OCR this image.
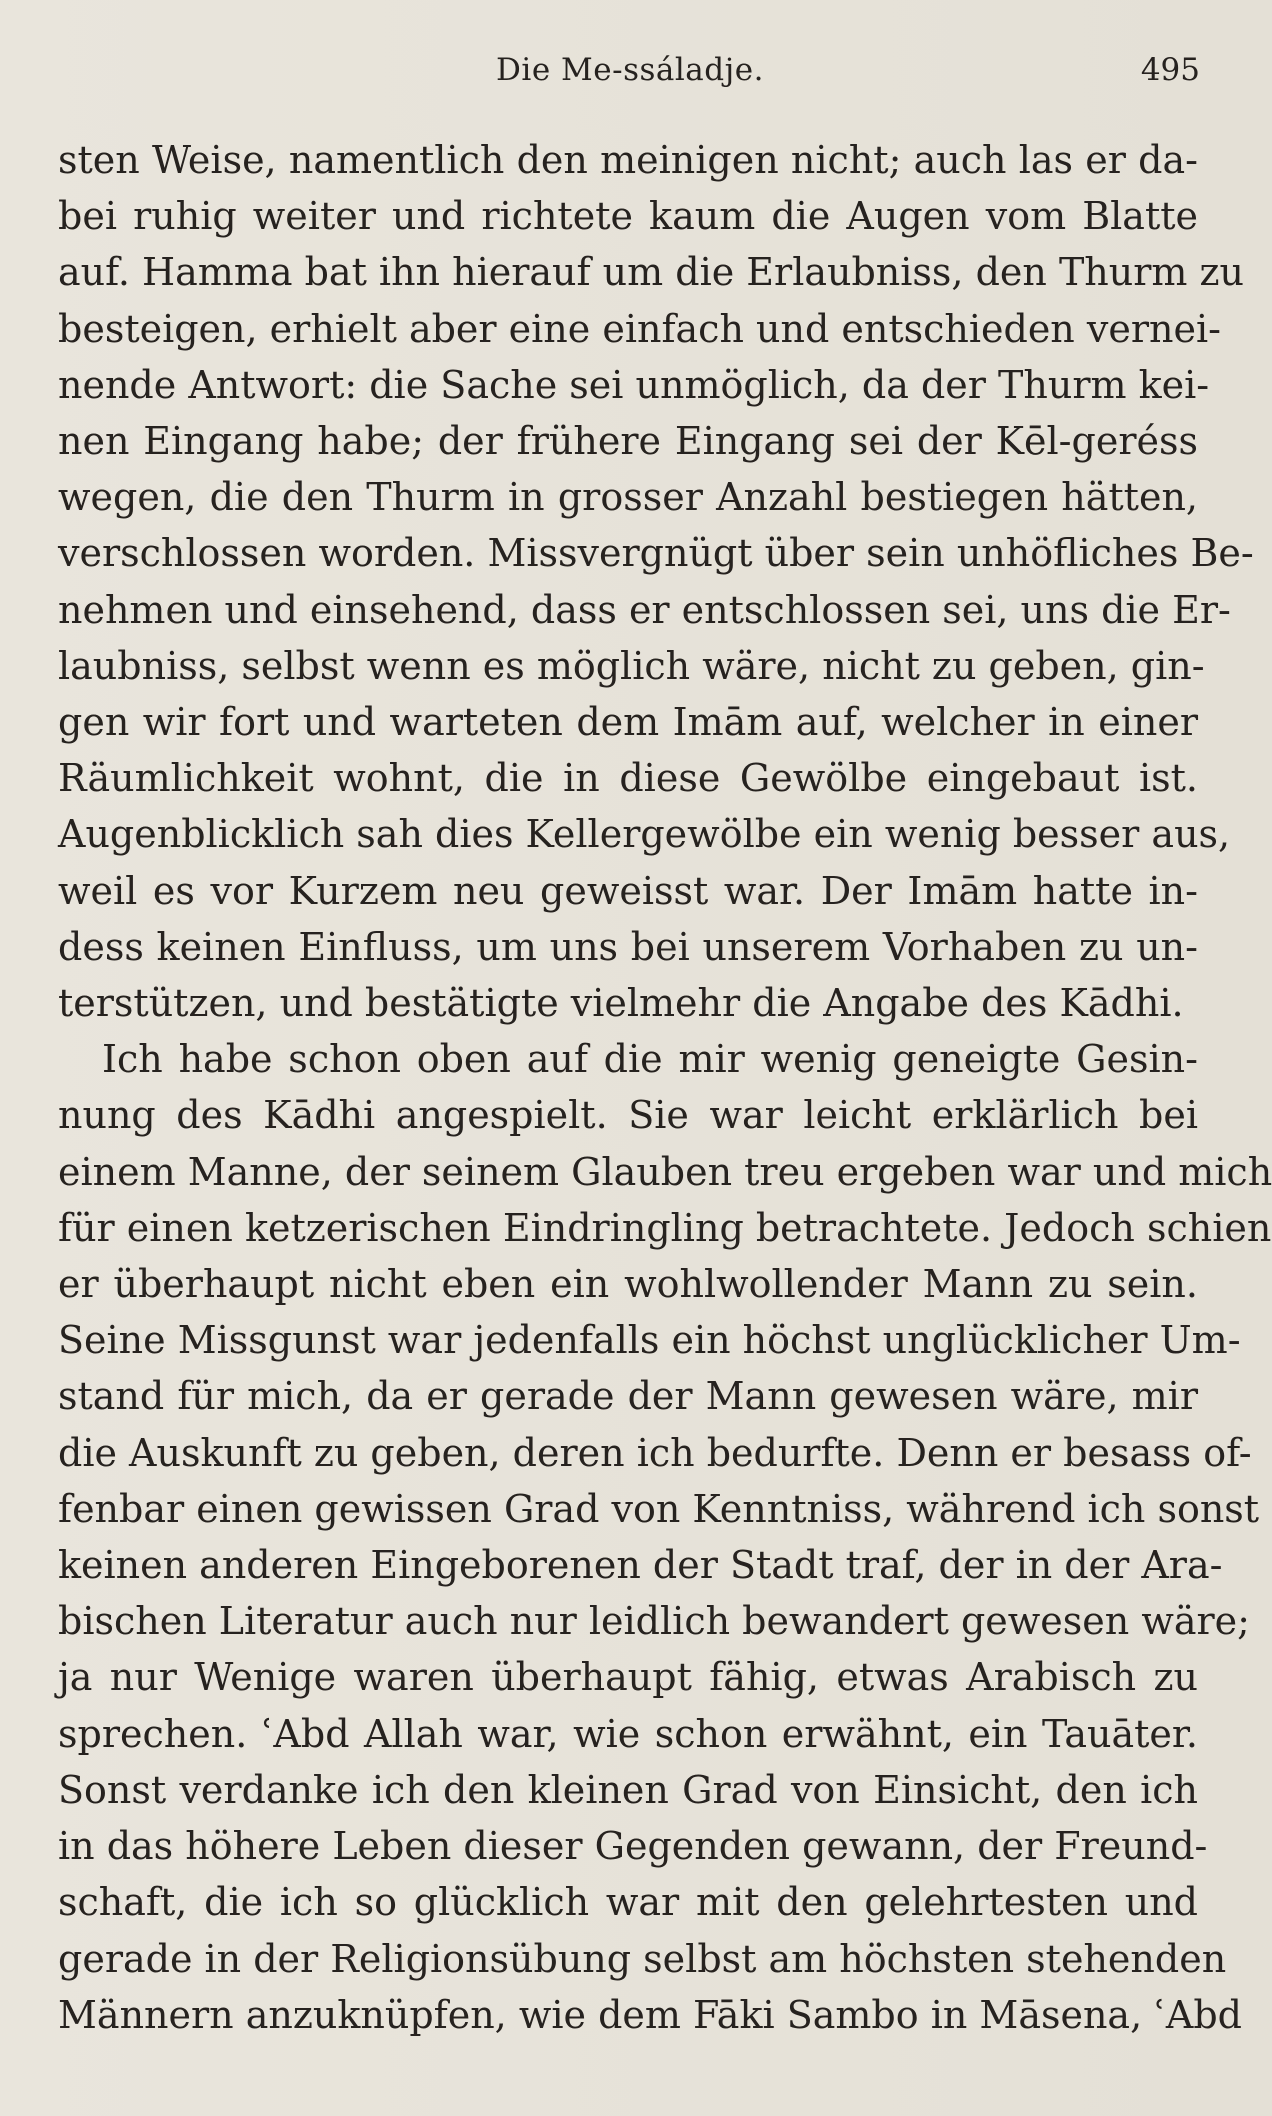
Die Me-ssáladje.	495

sten Weise, namentlich den meinigen nicht; auch las er da-
bei ruhig weiter und richtete kaum die Augen vom Blatte
auf. Hamma bat ihn hierauf um die Erlaubniss, den Thurm zu
besteigen, erhielt aber eine einfach und entschieden vernei-
nende Antwort: die Sache sei unmöglich, da der Thurm kei-
nen Eingang habe; der frühere Eingang sei der Kēl-geréss
wegen, die den Thurm in grosser Anzahl bestiegen hätten,
verschlossen worden. Missvergnügt über sein unhöfliches Be-
nehmen und einsehend, dass er entschlossen sei, uns die Er-
laubniss, selbst wenn es möglich wäre, nicht zu geben, gin-
gen wir fort und warteten dem Imām auf, welcher in einer
Räumlichkeit wohnt, die in diese Gewölbe eingebaut ist.
Augenblicklich sah dies Kellergewölbe ein wenig besser aus,
weil es vor Kurzem neu geweisst war. Der Imām hatte in-
dess keinen Einfluss, um uns bei unserem Vorhaben zu un-
terstützen, und bestätigte vielmehr die Angabe des Kādhi.

Ich habe schon oben auf die mir wenig geneigte Gesin-
nung des Kādhi angespielt. Sie war leicht erklärlich bei
einem Manne, der seinem Glauben treu ergeben war und mich
für einen ketzerischen Eindringling betrachtete. Jedoch schien
er überhaupt nicht eben ein wohlwollender Mann zu sein.
Seine Missgunst war jedenfalls ein höchst unglücklicher Um-
stand für mich, da er gerade der Mann gewesen wäre, mir
die Auskunft zu geben, deren ich bedurfte. Denn er besass of-
fenbar einen gewissen Grad von Kenntniss, während ich sonst
keinen anderen Eingeborenen der Stadt traf, der in der Ara-
bischen Literatur auch nur leidlich bewandert gewesen wäre;
ja nur Wenige waren überhaupt fähig, etwas Arabisch zu
sprechen. ʿAbd Allah war, wie schon erwähnt, ein Tauāter.
Sonst verdanke ich den kleinen Grad von Einsicht, den ich
in das höhere Leben dieser Gegenden gewann, der Freund-
schaft, die ich so glücklich war mit den gelehrtesten und
gerade in der Religionsübung selbst am höchsten stehenden
Männern anzuknüpfen, wie dem Fāki Sambo in Māsena, ʿAbd
